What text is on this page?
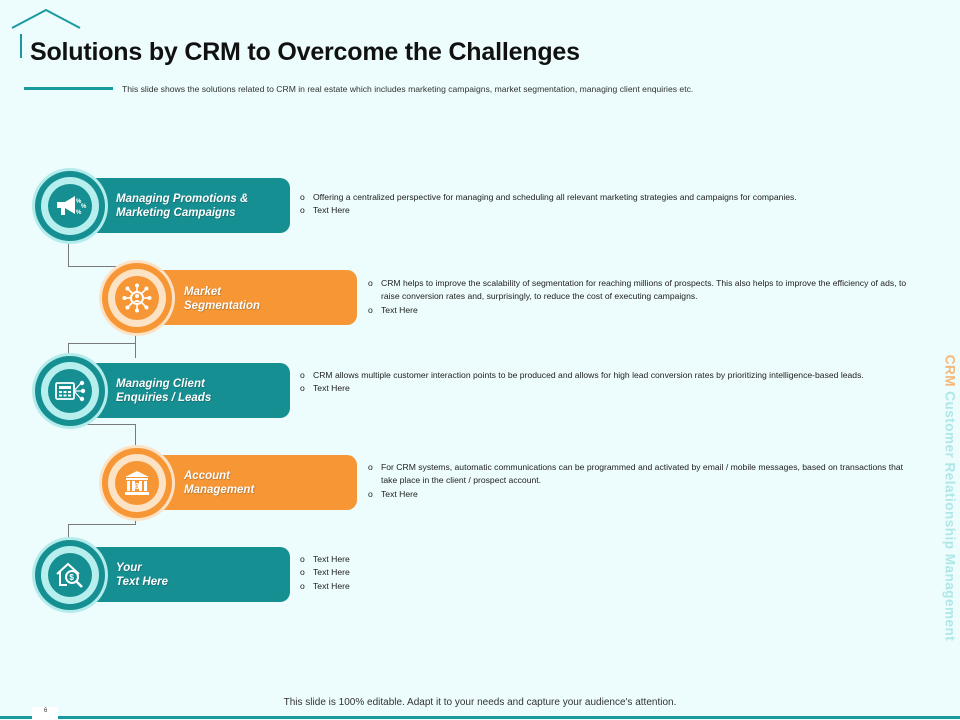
Solutions by CRM to Overcome the Challenges
This slide shows the solutions related to CRM in real estate which includes marketing campaigns, market segmentation, managing client enquiries etc.
%
%
%
Managing Promotions &
Marketing Campaigns
o Offering a centralized perspective for managing and scheduling all relevant marketing strategies and campaigns for companies.
o Text Here
Market
Segmentation
o CRM helps to improve the scalability of segmentation for reaching millions of prospects. This also helps to improve the efficiency of ads, to raise conversion rates and, surprisingly, to reduce the cost of executing campaigns.
o Text Here
Managing Client
Enquiries / Leads
o CRM allows multiple customer interaction points to be produced and allows for high lead conversion rates by prioritizing intelligence-based leads.
o Text Here
$
Account
Management
o For CRM systems, automatic communications can be programmed and activated by email / mobile messages, based on transactions that take place in the client / prospect account.
o Text Here
$
Your
Text Here
o Text Here
o Text Here
o Text Here
CRM Customer Relationship Management
This slide is 100% editable. Adapt it to your needs and capture your audience's attention.
6
